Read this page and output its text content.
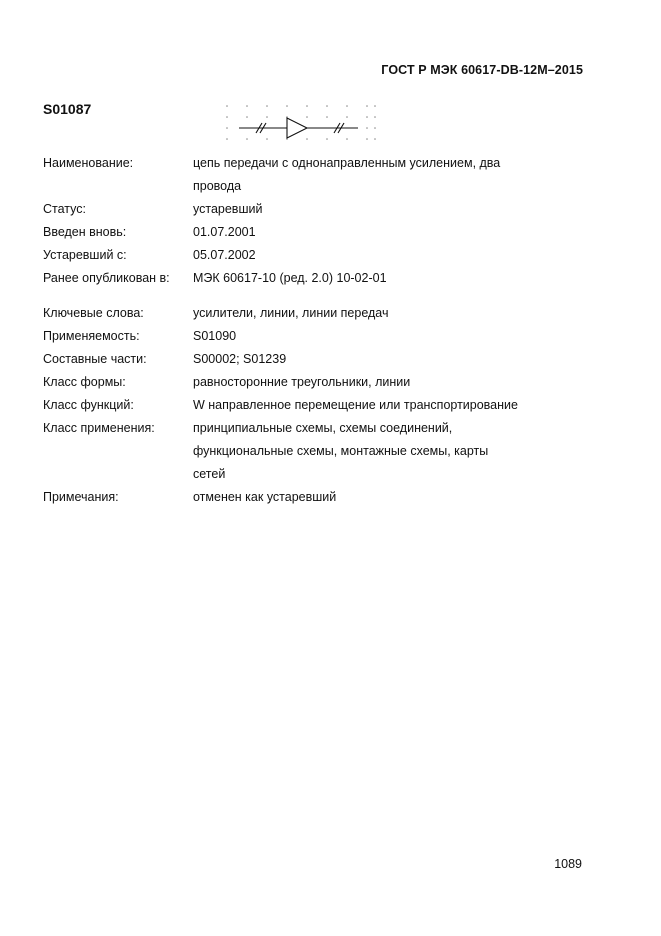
ГОСТ Р МЭК 60617-DB-12M–2015
S01087
Наименование:	цепь передачи с однонаправленным усилением, два
провода
Статус:	устаревший
Введен вновь:	01.07.2001
Устаревший с:	05.07.2002
Ранее опубликован в:	МЭК 60617-10 (ред. 2.0) 10-02-01
Ключевые слова:	усилители, линии, линии передач
Применяемость:	S01090
Составные части:	S00002; S01239
Класс формы:	равносторонние треугольники, линии
Класс функций:	W направленное перемещение или транспортирование
Класс применения:	принципиальные схемы, схемы соединений,
функциональные схемы, монтажные схемы, карты
сетей
Примечания:	отменен как устаревший
1089
